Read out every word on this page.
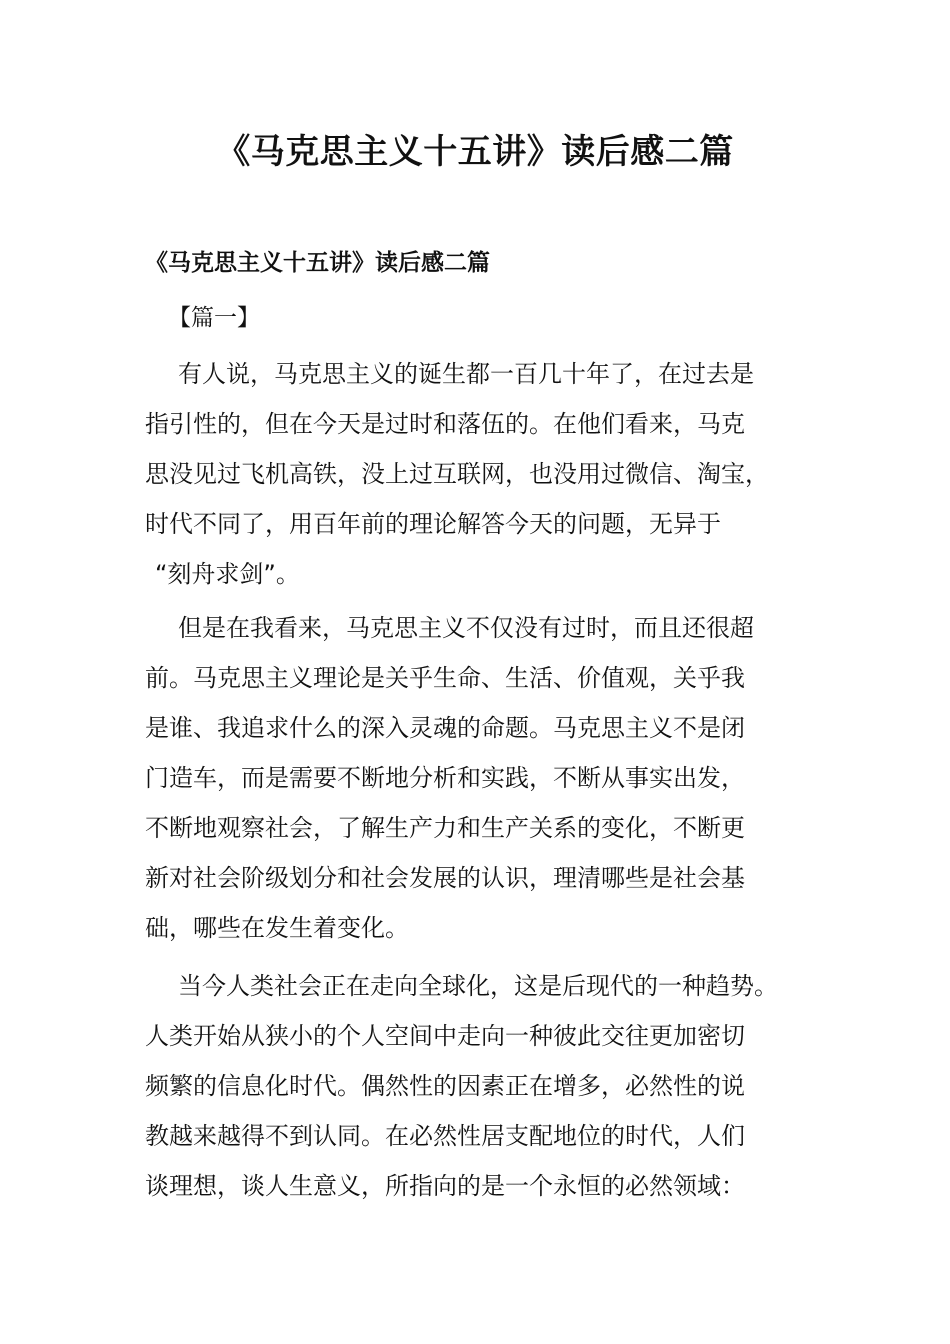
《马克思主义十五讲》读后感二篇
《马克思主义十五讲》读后感二篇
【篇一】
有人说，马克思主义的诞生都一百几十年了，在过去是
指引性的，但在今天是过时和落伍的。在他们看来，马克
思没见过飞机高铁，没上过互联网，也没用过微信、淘宝，
时代不同了，用百年前的理论解答今天的问题，无异于
“刻舟求剑”。
但是在我看来，马克思主义不仅没有过时，而且还很超
前。马克思主义理论是关乎生命、生活、价值观，关乎我
是谁、我追求什么的深入灵魂的命题。马克思主义不是闭
门造车，而是需要不断地分析和实践，不断从事实出发，
不断地观察社会，了解生产力和生产关系的变化，不断更
新对社会阶级划分和社会发展的认识，理清哪些是社会基
础，哪些在发生着变化。
当今人类社会正在走向全球化，这是后现代的一种趋势。
人类开始从狭小的个人空间中走向一种彼此交往更加密切
频繁的信息化时代。偶然性的因素正在增多，必然性的说
教越来越得不到认同。在必然性居支配地位的时代，人们
谈理想，谈人生意义，所指向的是一个永恒的必然领域：
